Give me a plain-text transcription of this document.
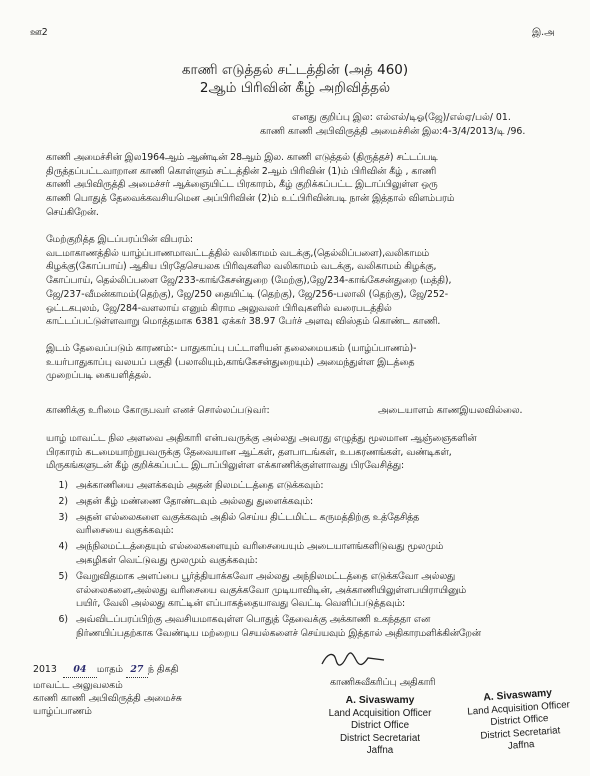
ஊ2	இ.அ
காணி எடுத்தல் சட்டத்தின் (அத் 460)
2ஆம் பிரிவின் கீழ் அறிவித்தல்
எனது குறிப்பு இல: எல்எல்/டிஓ(ஜே)/எல்ஏ/பல்/ 01.
காணி காணி அபிவிருத்தி அமைச்சின் இல:4-3/4/2013/டி /96.
காணி அமைச்சின் இல1964ஆம் ஆண்டின் 28ஆம் இல. காணி எடுத்தல் (திருத்தச்) சட்டப்படி
திருத்தப்பட்டவாறான காணி கொள்ளும் சட்டத்தின் 2ஆம் பிரிவின் (1)ம் பிரிவின் கீழ் , காணி
காணி அபிவிருத்தி அமைச்சர் ஆக்ஞையிட்ட பிரகாரம், கீழ் குறிக்கப்பட்ட இடாப்பிலுள்ள ஒரு
காணி பொதுத் தேவைக்கவசியமென அப்பிரிவின் (2)ம் உட்பிரிவின்படி நான் இத்தால் விளம்பரம்
செய்கிறேன்.
மேற்குறித்த இடப்பரப்பின் விபரம்:
வடமாகாணத்தில் யாழ்ப்பாணமாவட்டத்தில் வலிகாமம் வடக்கு,(தெல்லிப்பளை),வலிகாமம்
கிழக்கு(கோப்பாய்) ஆகிய பிரதேசெயலக பிரிவுகளில வலிகாமம் வடக்கு, வலிகாமம் கிழக்கு,
கோப்பாய், தெல்லிப்பளை ஜே/233-காங்கேசன்துறை (மேற்கு),ஜே/234-காங்கேசன்துறை (மத்தி),
ஜே/237-வீமன்காமம்(தெற்கு), ஜே/250 தையிட்டி (தெற்கு), ஜே/256-பலாலி (தெற்கு), ஜே/252-
ஒட்டகபுலம், ஜே/284-வளலாய் எனும் கிராம அலுவலர் பிரிவுகளில் வரைபடத்தில்
காட்டப்பட்டுள்ளவாறு மொத்தமாக 6381 ஏக்கர் 38.97 பேர்ச் அளவு விஸ்தம் கொண்ட காணி.
இடம் தேவைப்படும் காரணம்:- பாதுகாப்பு பட்டாளியன் தலைமையகம் (யாழ்ப்பாணம்)-
உயர்பாதுகாப்பு வலயப் பகுதி (பலாலியும்,காங்கேசன்துறையும்) அமைந்துள்ள இடத்தை
முறைப்படி கையளித்தல்.
காணிக்கு உரிமை கோருபவர் எனச் சொல்லப்படுவர்:	அடையாளம் காணஇயலவில்லை.
யாழ் மாவட்ட நில அளவை அதிகாரி என்பவருக்கு அல்லது அவரது எழுத்து மூலமான ஆஞ்ஞைகளின்
பிரகாரம் கடமையாற்றுபவருக்கு தேவையான ஆட்கள், தளபாடங்கள், உபகரணங்கள், வண்டிகள்,
மிருகங்களுடன் கீழ் குறிக்கப்பட்ட இடாப்பிலுள்ள எக்காணிக்குள்ளாவது பிரவேசித்து:
1) அக்காணியை அளக்கவும் அதன் நிலமட்டத்தை எடுக்கவும்:
2) அதன் கீழ் மண்ணை தோண்டவும் அல்லது துளைக்கவும்:
3) அதன் எல்லைகளை வகுக்கவும் அதில் செய்ய திட்டமிட்ட கருமத்திற்கு உத்தேசித்த
வரிசையை வகுக்கவும்:
4) அந்நிலமட்டத்தையும் எல்லைகளையும் வரிசையையும் அடையாளங்களிடுவது மூலமும்
அகழிகள் வெட்டுவது மூலமும் வகுக்கவும்:
5) வேறுவிதமாக அளப்பை பூர்த்தியாக்கவோ அல்லது அந்நிலமட்டத்தை எடுக்கவோ அல்லது
எல்லைகளை,அல்லது வரிசையை வகுக்கவோ முடியாவிடின், அக்காணியிலுள்ளபயிராயினும்
பயிர், வேலி அல்லது காட்டின் எப்பாகத்தையாவது வெட்டி வெளிப்படுத்தவும்:
6) அவ்விடப்பரப்பிற்கு அவசியமாகவுள்ள பொதுத் தேவைக்கு அக்காணி உகந்ததா என
நிர்ணயிப்பதற்காக வேண்டிய மற்றைய செயல்களைச் செய்யவும் இத்தால் அதிகாரமளிக்கின்றேன்
2013 04 மாதம் 27 ந் திகதி
மாவட்ட அலுவலகம்
காணி காணி அபிவிருத்தி அமைச்சு
யாழ்ப்பாணம்
காணிசுவீகரிப்பு அதிகாரி
A. Sivaswamy
Land Acquisition Officer
District Office
District Secretariat
Jaffna
A. Sivaswamy
Land Acquisition Officer
District Office
District Secretariat
Jaffna
